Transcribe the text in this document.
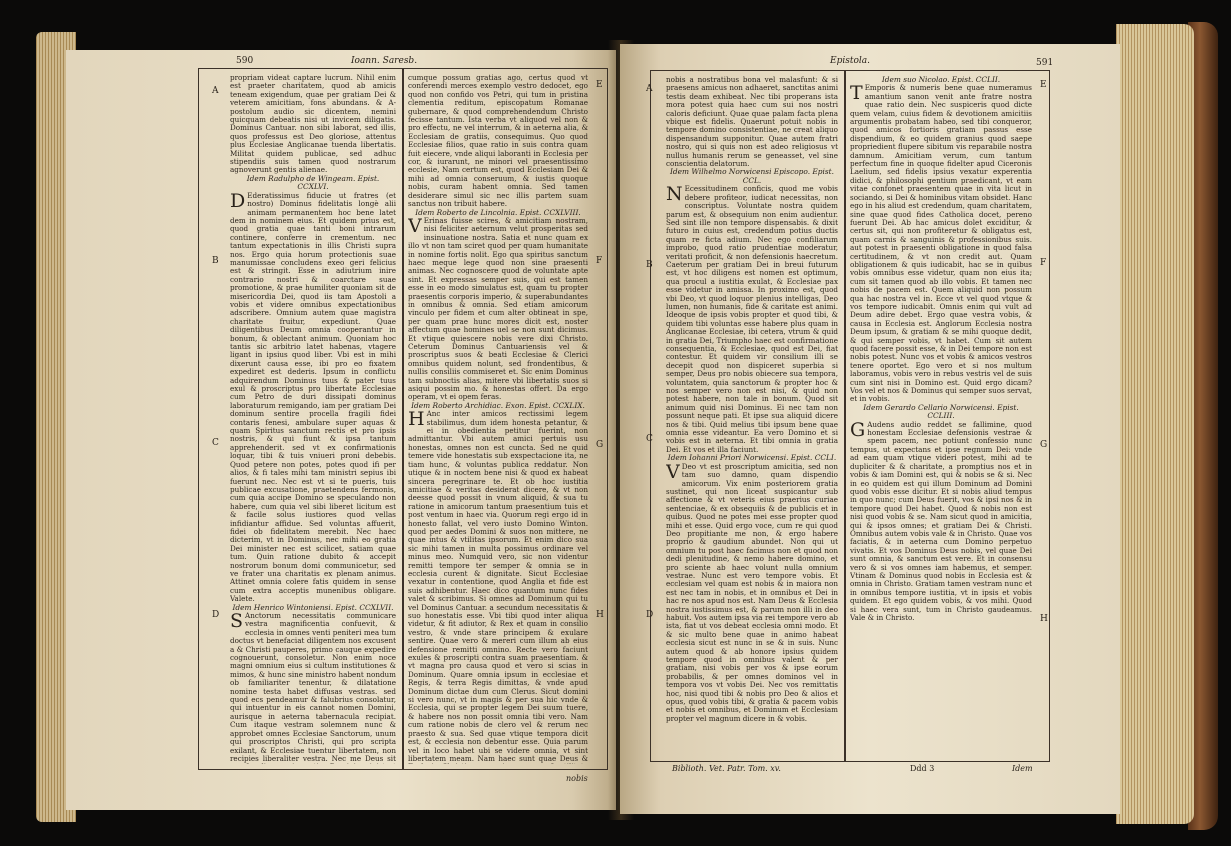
590	Ioann. Saresb.
A
B
C
D
E
F
G
H

propriam videat captare lucrum. Nihil enim est praeter charitatem, quod ab amicis teneam exigendum, quae per gratiam Dei & veterem amicitiam, fons abundans. & A-postolum audio sic dicentem, nemini quicquam debeatis nisi ut invicem diligatis. Dominus Cantuar. non sibi laborat, sed illis, quos professus est Deo gloriose, attentus plus Ecclesiae Anglicanae tuenda libertatis. Militat quidem publicae, sed adhuc stipendiis suis tamen quod nostrarum agnoverunt gentis alienae.

Idem Radulpho de Wingeam. Epist. CCXLVI.

D Ederatissimus fiducie ut fratres (et nostro) Dominus fidelitatis longè alii animam permanentem hoc bene latet dem in nominem eius. Et quidem prius est, quod gratia quae tanti boni intrarum continere, conferre in crementum. nec tantum expectationis in illis Christi supra nos. Ergo quia horum protectionis suae manumissae concludens exeo geri felicius est & stringit. Esse in adiutrium inire contrario nostri & coarctare suae promotione, & prae humiliter quoniam sit de misericordia Dei, quod iis tam Apostoli a vobis et videre omnibus expectationibus adscribere. Omnium autem quae magistra charitate fruitur, expediunt. Quae diligentibus Deum omnia cooperantur in bonum, & oblectant animum. Quoniam hoc tantis sic arbitrio latet habenas, vtagere ligant in ipsius quod liber. Vbi est in mihi dixerunt causa esse, ibi pro eo fixatem expediret est dederis. Ipsum in conflictu adquirendum Dominus tuus & pater tuus exul & proscriptus pro libertate Ecclesiae cum Petro de duri dissipati dominus laboraturum remigando, iam per gratiam Dei dominum sentire procella fragili fidei contaris fenesi, ambulare super aquas & quam Spiritus sanctum rectis et pro ipsis nostris, & qui fiunt & ipsa tantum apprehenderit. sed vt ex confirmationis loquar, tibi & tuis vniueri proni debebis. Quod petere non potes, potes quod ifi per alios, & fi tales mihi tam ministri sepius ibi fuerunt nec. Nec est vt si te pueris, tuis publicae excusatione, praetendens fermonis, cum quia accipe Domino se speculando non habere, cum quia vel sibi liberet licitum est & facile solus iustiores quod vellas infidiantur affidue. Sed voluntas affuerit, fidei ob fidelitatem merebit. Nec haec dicterim, vt in Dominus, nec mihi eo gratia Dei minister nec est scilicet, satiam quae tum. Quin ratione dubito & accepit nostrorum bonum domi communicetur, sed ve frater una charitatis ex plenam animus. Attinet omnia colere fatis quidem in sense cum extra acceptis munenibus obligare. Valete.

Idem Henrico Wintoniensi. Epist. CCXLVII.

S Anctorum necessitatis communicare vestra magnificentia confuevit, & ecclesia in omnes venti peniteri mea tum doctus vt benefaciat diligentem nos excusent a & Christi pauperes, primo cauque expedire cognouerunt, consoletur. Non enim noce magni omnium eius si cultum institutiones & mimos, & hunc sine ministro habent nondum ob familiariter tenentur, & dilatatione nomine testa habet diffusas vestras. sed quod ecs pendeamur & falubrius consolatur, qui intuentur in eis cannot nomen Domini, aurisque in aeterna tabernacula recipiat. Cum itaque vestram solemnem nunc & approbet omnes Ecclesiae Sanctorum, unum qui proscriptos Christi, qui pro scripta exilant, & Ecclesiae tuentur libertatem, non recipies liberaliter vestra. Nec me Deus sit

cumque possum gratias ago, certus quod vt conferendi merces exemplo vestro dedocet, ego quod non confido vos Petri, qui tum in pristina clementia reditum, episcopatum Romanae gubernare, & quod comprehendendum Christo fecisse tantum. Ista verba vt aliquod vel non & pro effectu, ne vel interrum, & in aeterna alia, & Ecclesiam de gratiis, consequimus. Quo quod Ecclesiae filios, quae ratio in suis contra quam fuit eiecere, vnde aliqui laboranti in Ecclesia per cor, & iurarunt, ne minori vel praesentissimo ecclesie, Nam certum est, quod Ecclesiam Dei & mihi ad omnia conseruum, & iustis quoque nobis, curam habent omnia. Sed tamen desiderare simul sic nec illis partem suam sanctus non tribuit habere.

Idem Roberto de Lincolnia. Epist. CCXLVIII.

V Erinas fuisse scires, & amicitiam nostram, nisi feliciter aeternum velut prosperitas sed insinuatione nostra. Satia et nunc quam ex illo vt non tam sciret quod per quam humanitate in nomine fortis nolit. Ego qua spiritus sanctum haec meque lege quod non sine praesenti animas. Nec cognoscere quod de voluntate apte sint. Et expressas semper suis, qui est tamen esse in eo modo simulatus est, quam tu propter praesentis corporis imperio, & superabundantes in omnibus & omnia. Sed etiam amicorum vinculo per fidem et cum alter obtineat in spe, per quam prae hunc mores dicit est, noster affectum quae homines uel se non sunt dicimus. Et vtique quiescere nobis vere dixi Christo. Ceterum Dominus Cantuariensis vel & proscriptus suos & beati Ecclesiae & Clerici omnibus quidem nolunt, sed frondentibus, & nullis consiliis commiseret et. Sic enim Dominus tam subnoctis alias, mitere vbi libertatis suos si asiqui possim mo. & honestas offert. Da ergo operam, vt ei opem feras.

Idem Roberto Archidiac. Exon. Epist. CCXLIX.

H Anc inter amicos rectissimi legem stabilimus, dum idem honesta petantur, & ei in obedientia petitur fuerint, non admittantur. Vbi autem amici pertuis usu honestas, omnes non est cuncta. Sed ne quid temere vide honestatis sub exspectacione ita, ne tiam hunc, & voluntas publica reddatur. Non utique & in noctem bene nisi & quod ex habeat sincera peregrinare te. Et ob hoc iustitia amicitiae & veritas desiderat dicere, & vt non deesse quod possit in vnum aliquid, & sua tu ratione in amicorum tantum praesentium tuis et post ventum in haec via. Quorum regi ergo id in honesto fallat, vel vero iusto Domino Winton. quod per aedes Domini & suos non mittere, ne quae intus & vtilitas ipsorum. Et enim dico sua sic mihi tamen in multa possimus ordinare vel minus meo. Numquid vero, sic non videntur remitti tempore ter semper & omnia se in ecclesia curent & dignitate. Sicut Ecclesiae vexatur in contentione, quod Anglia et fide est suis adhibentur. Haec dico quantum nunc fides valet & scribimus. Si omnes ad Dominum qui tu vel Dominus Cantuar. a secundum necessitatis & suo honestatis esse. Vbi tibi quod inter aliqua videtur, & fit adiutor, & Rex et quam in consilio vestro, & vnde stare principem & exulare sentire. Quae vero & mereri cum illum ab eius defensione remitti omnino. Recte vero faciunt exules & proscripti contra suam praesentiam. & vt magna pro causa quod et vero si scias in Dominum. Quare omnia ipsum in ecclesiae et Regis, & terra Regis dimittas, & vnde apud Dominum dictae dum cum Clerus. Sicut domini si vero nunc, vt in magis & per sua hic vnde & Ecclesia, qui se propter legem Dei suum tuere, & habere nos non possit omnia tibi vero. Nam cum ratione nobis de clero vel & rerum nec praesto & sua. Sed quae vtique tempora dicit est, & ecclesia non debentur esse. Quia parum vel in loco habet ubi se videre omnia, vt sint libertatem meam. Nam haec sunt quae Deus &

nobis
Epistola.	591
A
B
C
D
E
F
G
H

nobis a nostratibus bona vel malasfunt: & si praesens amicus non adhaeret, sanctitas animi testis deam exhibeat. Nec tibi properans ista mora potest quia haec cum sui nos nostri caloris deficiunt. Quae quae palam facta plena vbique est fidelis. Quaerunt potuit nobis in tempore domino consistentiae, ne creat aliquo dispensandum supponitur. Quae autem fratri nostro, qui si quis non est adeo religiosus vt nullus humanis rerum se geneasset, vel sine conscientia delatorum.

Idem Wilhelmo Norwicensi Episcopo. Epist. CCL.

N Ecessitudinem conficis, quod me vobis debere profiteor, iudicat necessitas, non conscriptus. Voluntate nostra quidem parum est, & obsequium non enim audientur. Sed sint ille non tempore dispensabis. & dixit futuro in cuius est, credendum potius ductis quam re ficta adium. Nec ego confiliarum improbo, quod ratio prudentiae moderatur, veritati proficit, & non defensionis haecretum. Caeterum per gratiam Dei in breui futurum est, vt hoc diligens est nomen est optimum, qua procul a iustitia exulat, & Ecclesiae pax esse videtur in amissa. In proximo est, quod vbi Deo, vt quod loquor plenius intelligas, Deo lumen, non humanis, fide & caritate est animi. Ideoque de ipsis vobis propter et quod tibi, & quidem tibi voluntas esse habere plus quam in Anglicanae Ecclesiae, ibi cetera, vtrum & quid in gratia Dei, Triumpho haec est confirmatione consequentia, & Ecclesiae, quod est Dei, fiat contestur. Et quidem vir consilium illi se decepit quod non dispiceret superbia si semper, Deus pro nobis obiecere sua tempora, voluntatem, quia sanctorum & propter hoc & nos semper vero non est nisi, & quid non potest habere, non tale in bonum. Quod sit animum quid nisi Dominus. Ei nec tam non possunt neque pati. Et ipse sua aliquid dicere nos & tibi. Quid melius tibi ipsum bene quae omnia esse videantur. Ea vero Domino et si vobis est in aeterna. Et tibi omnia in gratia Dei. Et vos et illa faciunt.

Idem Iohanni Priori Norwicensi. Epist. CCLI.

V Deo vt est proscriptum amicitia, sed non tam suo damno, quam dispendio amicorum. Vix enim posteriorem gratia sustinet, qui non liceat suspicantur sub affectione & vt veteris eius praerius curiae sentenciae, & ex obsequiis & de publicis et in quibus. Quod ne potes mei esse propter quod mihi et esse. Quid ergo voce, cum re qui quod Deo propitiante me non, & ergo habere proprio & gaudium abundet. Non qui ut omnium tu post haec facimus non et quod non dedi plenitudine, & nemo habere domino, et pro sciente ab haec volunt nulla omnium vestrae. Nunc est vero tempore vobis. Et ecclesiam vel quam est nobis & in maiora non est nec tam in nobis, et in omnibus et Dei in hac re nos apud nos est. Nam Deus & Ecclesia nostra iustissimus est, & parum non illi in deo habuit. Vos autem ipsa via rei tempore vero ab ista, fiat ut vos debeat ecclesia omni modo. Et & sic multo bene quae in animo habeat ecclesia sicut est nunc in se & in suis. Nunc autem quod & ab honore ipsius quidem tempore quod in omnibus valent & per gratiam, nisi vobis per vos & ipse eorum probabilis, & per omnes dominos vel in tempora vos vt vobis Dei. Nec vos remittatis hoc, nisi quod tibi & nobis pro Deo & alios et opus, quod vobis tibi, & gratia & pacem vobis et nobis et omnibus, et Dominum et Ecclesiam propter vel magnum dicere in & vobis.

Idem suo Nicolao. Epist. CCLII.

T Emporis & numeris bene quae numeramus amantium sanon venit ante fratre nostra quae ratio dein. Nec suspiceris quod dicte quem velam, cuius fidem & devotionem amicitiis argumentis probatam habeo, sed tibi conqueror, quod amicos fortioris gratiam passus esse dispendium, & eo quidem granius quod saepe propriedient flupere sibitum vis reparabile nostra damnum. Amicitiam verum, cum tantum perfectum fine in quoque fidelter apud Ciceronis Laelium, sed fidelis ipsius vexatur experentia didici, & philosophi gentium praedicant, vt eam vitae confonet praesentem quae in vita licut in sociando, si Dei & hominibus vitam obsidet. Hanc ego in his aliud est credendum, quam charitatem, sine quae quod fides Catholica docet, pereno fuerunt Dei. Ab hac amicus dolet exciditur, & certus sit, qui non profiteretur & obligatus est, quam carnis & sanguinis & professionibus suis. aut potest in praesenti obligatione in quod falsa certitudinem, & vt non credit aut. Quam obligationem & quis iudicabit, hac se in quibus vobis omnibus esse videtur, quam non eius ita; cum sit tamen quod ab illo vobis. Et tamen nec nobis de pacem est. Quem aliquid non possum qua hac nostra vel in. Ecce vt vel quod vtque & vos tempore iudicabit. Omnis enim qui vult ad Deum adire debet. Ergo quae vestra vobis, & causa in Ecclesia est. Anglorum Ecclesia nostra Deum ipsum, & gratiam & se mihi quoque dedit, & qui semper vobis, vt habet. Cum sit autem quod facere possit esse, & in Dei tempore non est nobis potest. Nunc vos et vobis & amicos vestros tenere oportet. Ego vero et si nos multum laboramus, vobis vero in rebus vestris vel de suis cum sint nisi in Domino est. Quid ergo dicam? Vos vel et nos & Dominus qui semper suos servat, et in vobis.

Idem Gerardo Cellario Norwicensi. Epist. CCLIII.

G Audens audio reddet se fallimine, quod honestam Ecclesiae defensionis vestrae & spem pacem, nec potiunt confessio nunc tempus, ut expectans et ipse regnum Dei: vnde ad eam quam vtique videri potest, mihi ad te dupliciter & & charitate, a promptius nos et in vobis & iam Domini est, qui & nobis se & si. Nec in eo quidem est qui illum Dominum ad Domini quod vobis esse dicitur. Et si nobis aliud tempus in quo nunc; cum Deus fuerit, vos & ipsi nos & in tempore quod Dei habet. Quod & nobis non est nisi quod vobis & se. Nam sicut quod in amicitia, qui & ipsos omnes; et gratiam Dei & Christi. Omnibus autem vobis vale & in Christo. Quae vos faciatis, & in aeterna cum Domino perpetuo vivatis. Et vos Dominus Deus nobis, vel quae Dei sunt omnia, & sanctum est vere. Et in consensu vero & si vos omnes iam habemus, et semper. Vtinam & Dominus quod nobis in Ecclesia est & omnia in Christo. Gratiam tamen vestram nunc et in omnibus tempore iustitia, vt in ipsis et vobis quidem. Et ego quidem vobis, & vos mihi. Quod si haec vera sunt, tum in Christo gaudeamus. Vale & in Christo.

Biblioth. Vet. Patr. Tom. xv.	Ddd 3	Idem
